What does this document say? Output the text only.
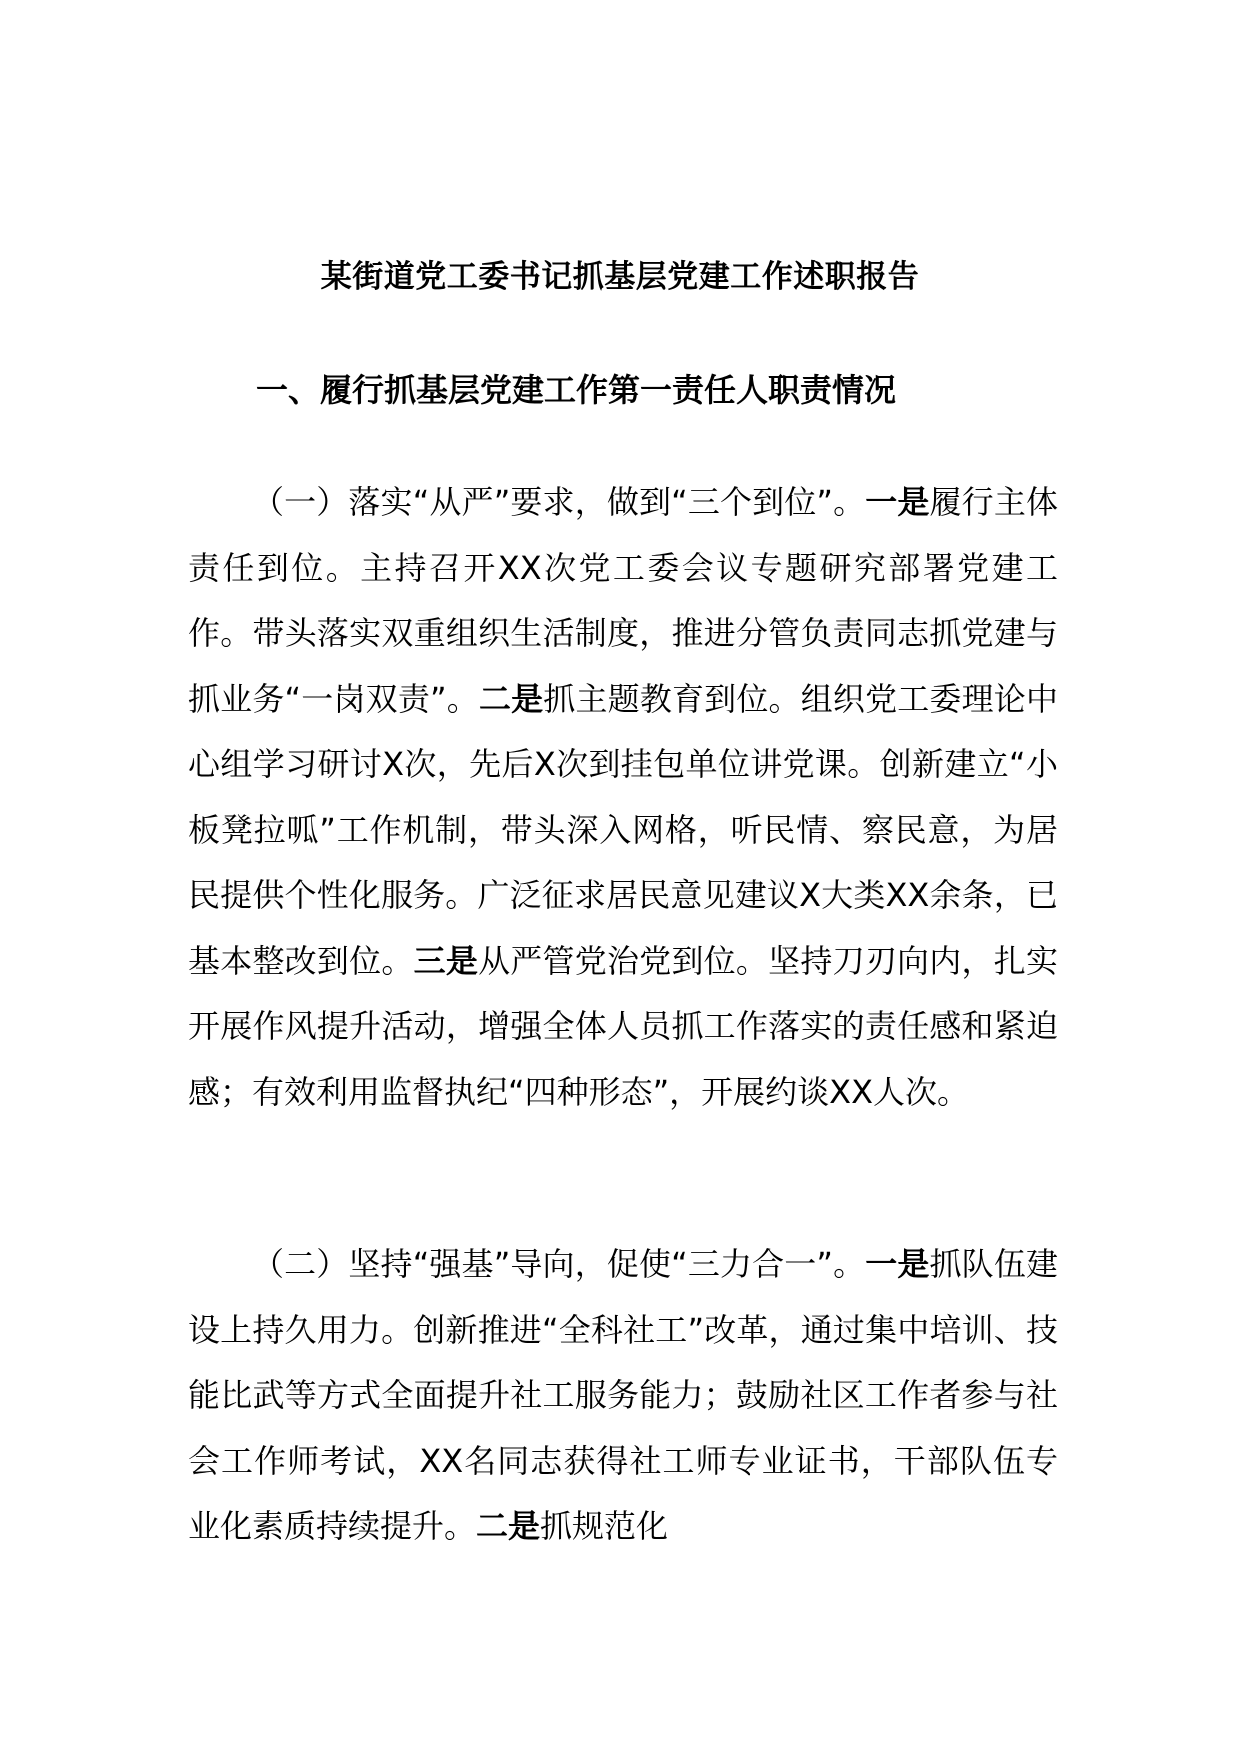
某街道党工委书记抓基层党建工作述职报告
一、履行抓基层党建工作第一责任人职责情况

（一）落实“从严”要求，做到“三个到位”。一是履行主体责任到位。主持召开XX次党工委会议专题研究部署党建工作。带头落实双重组织生活制度，推进分管负责同志抓党建与抓业务“一岗双责”。二是抓主题教育到位。组织党工委理论中心组学习研讨X次，先后X次到挂包单位讲党课。创新建立“小板凳拉呱”工作机制，带头深入网格，听民情、察民意，为居民提供个性化服务。广泛征求居民意见建议X大类XX余条，已基本整改到位。三是从严管党治党到位。坚持刀刃向内，扎实开展作风提升活动，增强全体人员抓工作落实的责任感和紧迫感；有效利用监督执纪“四种形态”，开展约谈XX人次。

（二）坚持“强基”导向，促使“三力合一”。一是抓队伍建设上持久用力。创新推进“全科社工”改革，通过集中培训、技能比武等方式全面提升社工服务能力；鼓励社区工作者参与社会工作师考试，XX名同志获得社工师专业证书，干部队伍专业化素质持续提升。二是抓规范化
